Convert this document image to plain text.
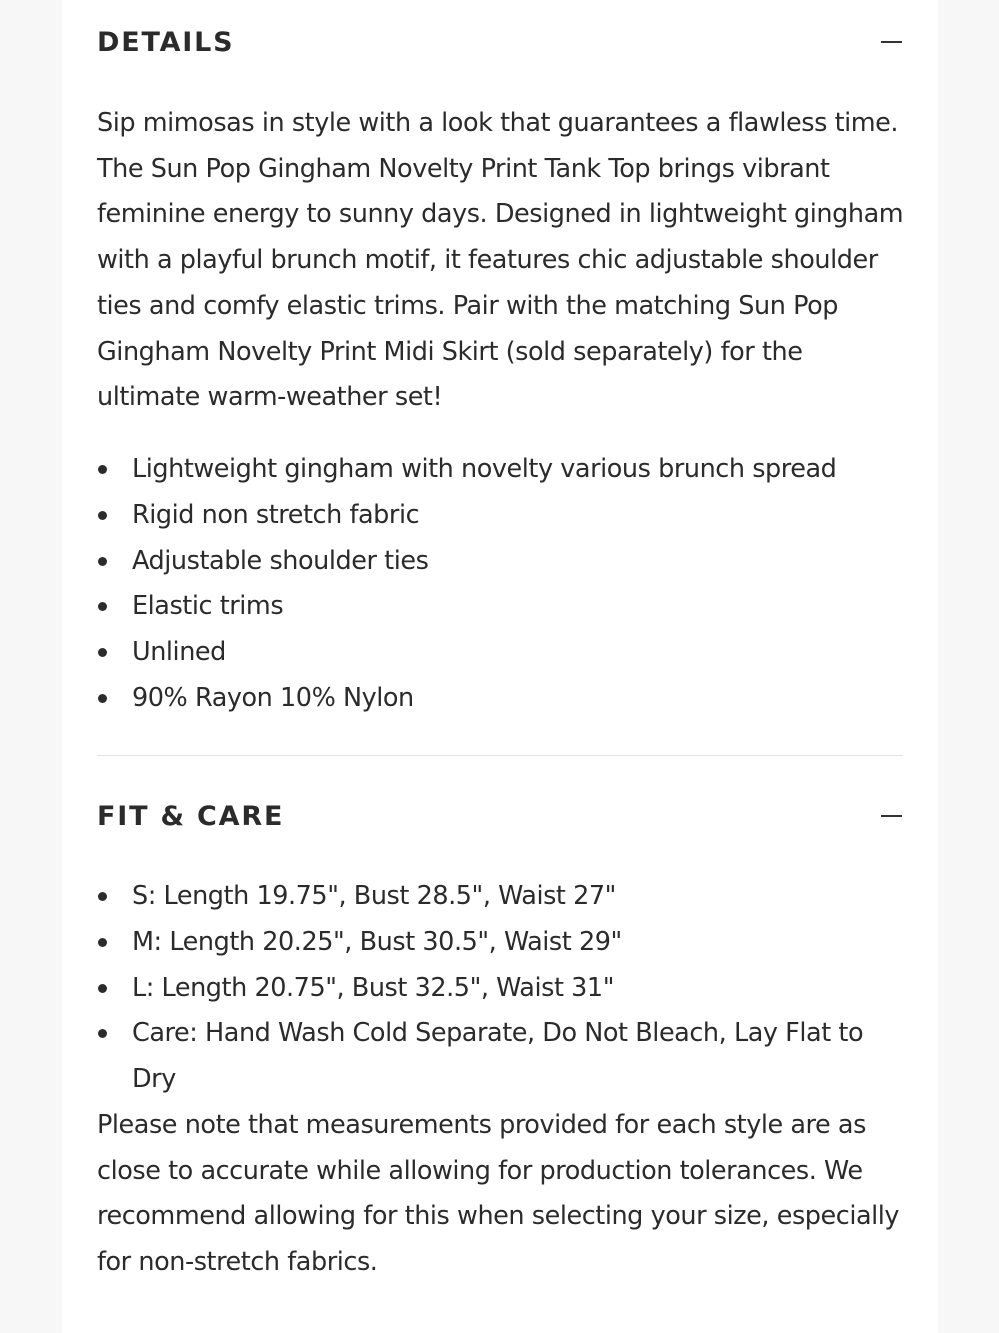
DETAILS

Sip mimosas in style with a look that guarantees a flawless time. The Sun Pop Gingham Novelty Print Tank Top brings vibrant feminine energy to sunny days. Designed in lightweight gingham with a playful brunch motif, it features chic adjustable shoulder ties and comfy elastic trims. Pair with the matching Sun Pop Gingham Novelty Print Midi Skirt (sold separately) for the ultimate warm-weather set!

Lightweight gingham with novelty various brunch spread
Rigid non stretch fabric
Adjustable shoulder ties
Elastic trims
Unlined
90% Rayon 10% Nylon
FIT & CARE
S: Length 19.75", Bust 28.5", Waist 27"
M: Length 20.25", Bust 30.5", Waist 29"
L: Length 20.75", Bust 32.5", Waist 31"
Care: Hand Wash Cold Separate, Do Not Bleach, Lay Flat to Dry

Please note that measurements provided for each style are as close to accurate while allowing for production tolerances. We recommend allowing for this when selecting your size, especially for non-stretch fabrics.
